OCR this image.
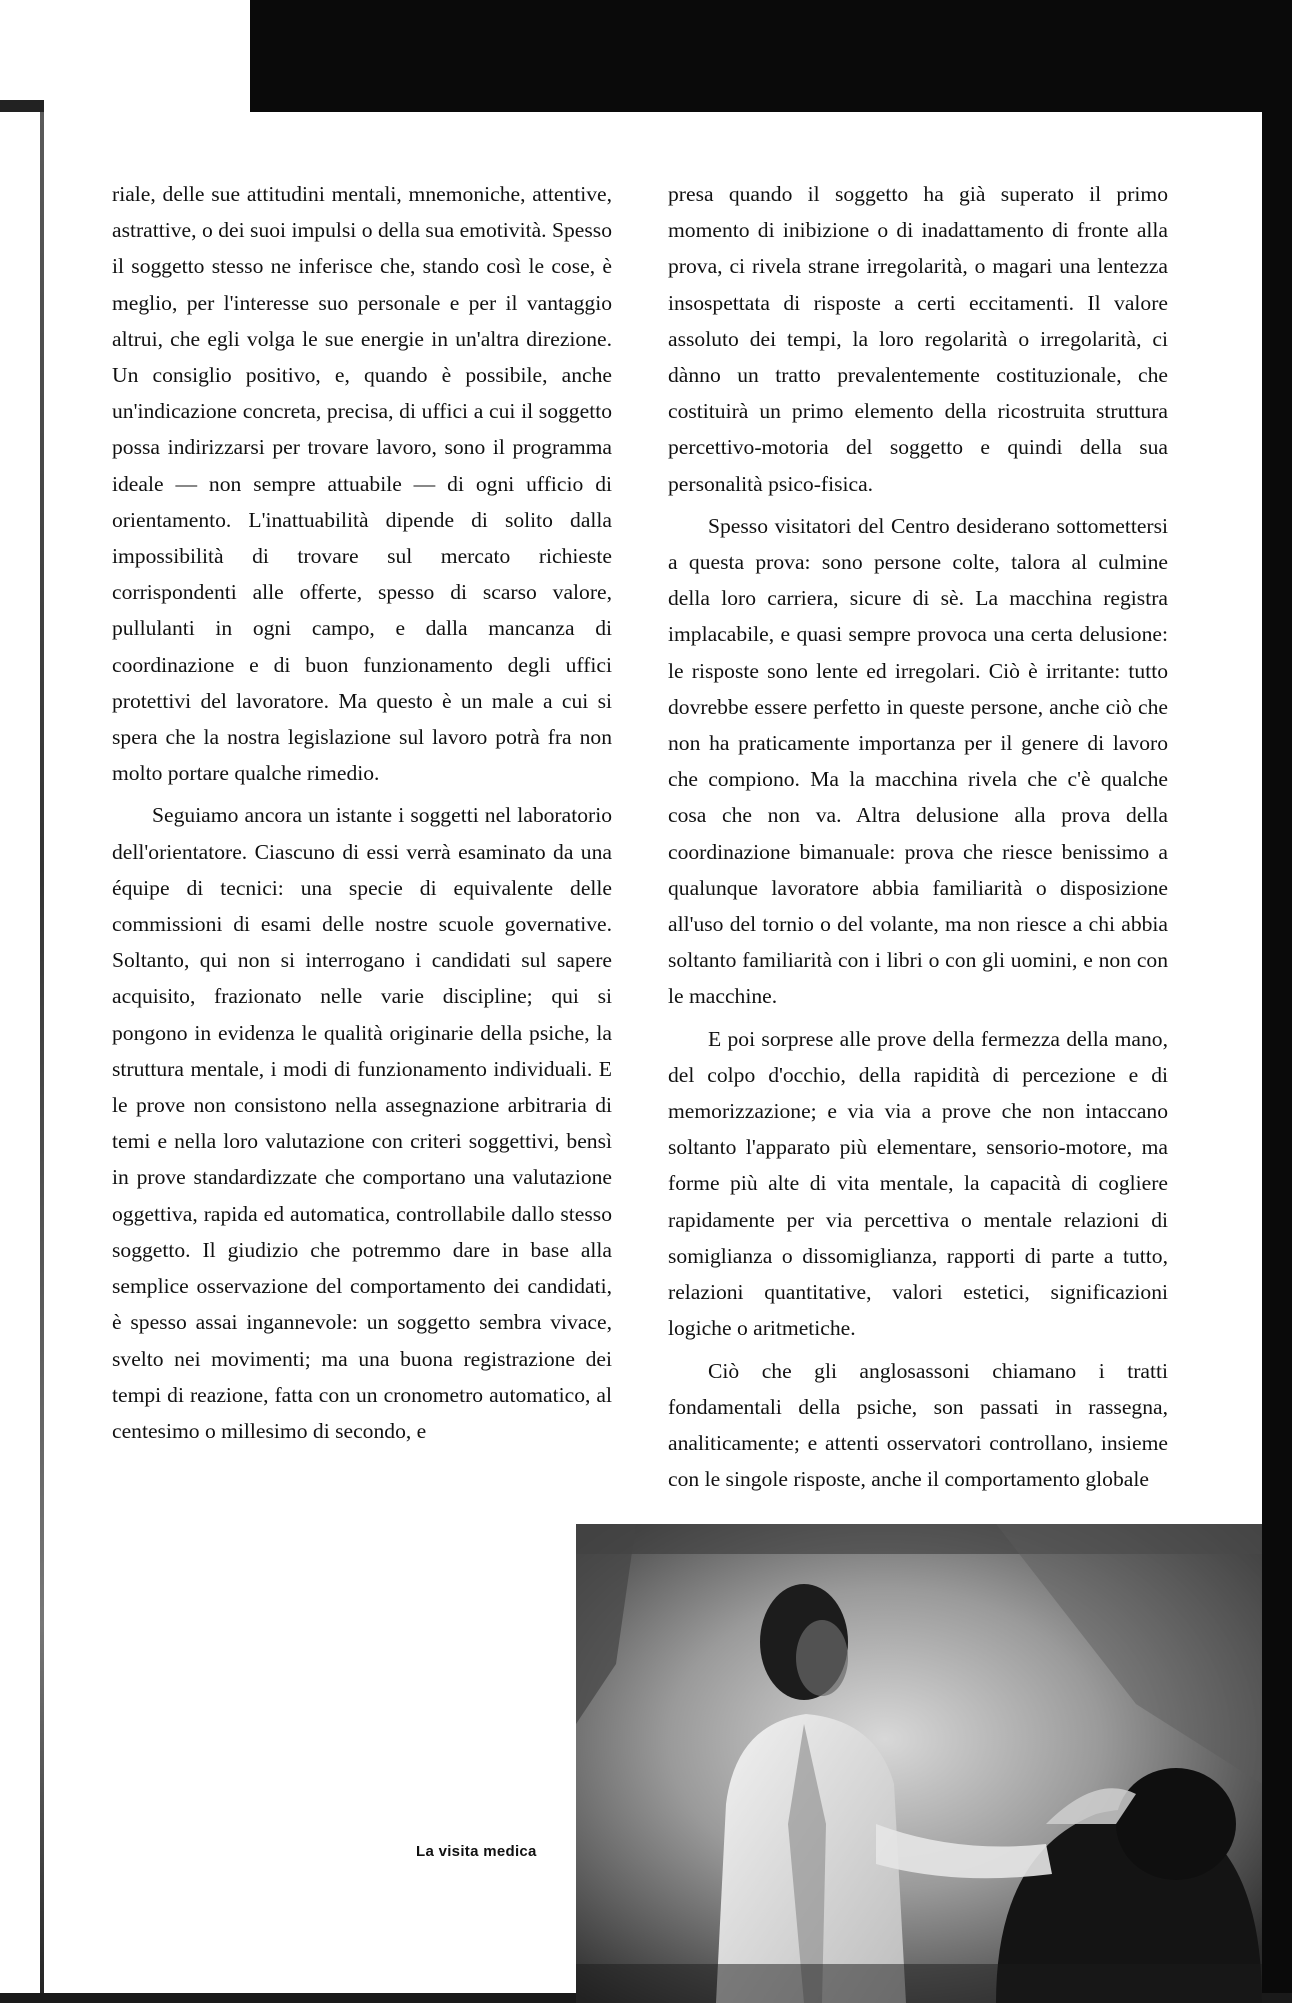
riale, delle sue attitudini mentali, mnemoniche, attentive, astrattive, o dei suoi impulsi o della sua emotività. Spesso il soggetto stesso ne inferisce che, stando così le cose, è meglio, per l'interesse suo personale e per il vantaggio altrui, che egli volga le sue energie in un'altra direzione. Un consiglio positivo, e, quando è possibile, anche un'indicazione concreta, precisa, di uffici a cui il soggetto possa indirizzarsi per trovare lavoro, sono il programma ideale — non sempre attuabile — di ogni ufficio di orientamento. L'inattuabilità dipende di solito dalla impossibilità di trovare sul mercato richieste corrispondenti alle offerte, spesso di scarso valore, pullulanti in ogni campo, e dalla mancanza di coordinazione e di buon funzionamento degli uffici protettivi del lavoratore. Ma questo è un male a cui si spera che la nostra legislazione sul lavoro potrà fra non molto portare qualche rimedio.

Seguiamo ancora un istante i soggetti nel laboratorio dell'orientatore. Ciascuno di essi verrà esaminato da una équipe di tecnici: una specie di equivalente delle commissioni di esami delle nostre scuole governative. Soltanto, qui non si interrogano i candidati sul sapere acquisito, frazionato nelle varie discipline; qui si pongono in evidenza le qualità originarie della psiche, la struttura mentale, i modi di funzionamento individuali. E le prove non consistono nella assegnazione arbitraria di temi e nella loro valutazione con criteri soggettivi, bensì in prove standardizzate che comportano una valutazione oggettiva, rapida ed automatica, controllabile dallo stesso soggetto. Il giudizio che potremmo dare in base alla semplice osservazione del comportamento dei candidati, è spesso assai ingannevole: un soggetto sembra vivace, svelto nei movimenti; ma una buona registrazione dei tempi di reazione, fatta con un cronometro automatico, al centesimo o millesimo di secondo, e

presa quando il soggetto ha già superato il primo momento di inibizione o di inadattamento di fronte alla prova, ci rivela strane irregolarità, o magari una lentezza insospettata di risposte a certi eccitamenti. Il valore assoluto dei tempi, la loro regolarità o irregolarità, ci dànno un tratto prevalentemente costituzionale, che costituirà un primo elemento della ricostruita struttura percettivo-motoria del soggetto e quindi della sua personalità psico-fisica.

Spesso visitatori del Centro desiderano sottomettersi a questa prova: sono persone colte, talora al culmine della loro carriera, sicure di sè. La macchina registra implacabile, e quasi sempre provoca una certa delusione: le risposte sono lente ed irregolari. Ciò è irritante: tutto dovrebbe essere perfetto in queste persone, anche ciò che non ha praticamente importanza per il genere di lavoro che compiono. Ma la macchina rivela che c'è qualche cosa che non va. Altra delusione alla prova della coordinazione bimanuale: prova che riesce benissimo a qualunque lavoratore abbia familiarità o disposizione all'uso del tornio o del volante, ma non riesce a chi abbia soltanto familiarità con i libri o con gli uomini, e non con le macchine.

E poi sorprese alle prove della fermezza della mano, del colpo d'occhio, della rapidità di percezione e di memorizzazione; e via via a prove che non intaccano soltanto l'apparato più elementare, sensorio-motore, ma forme più alte di vita mentale, la capacità di cogliere rapidamente per via percettiva o mentale relazioni di somiglianza o dissomiglianza, rapporti di parte a tutto, relazioni quantitative, valori estetici, significazioni logiche o aritmetiche.

Ciò che gli anglosassoni chiamano i tratti fondamentali della psiche, son passati in rassegna, analiticamente; e attenti osservatori controllano, insieme con le singole risposte, anche il comportamento globale

La visita medica
